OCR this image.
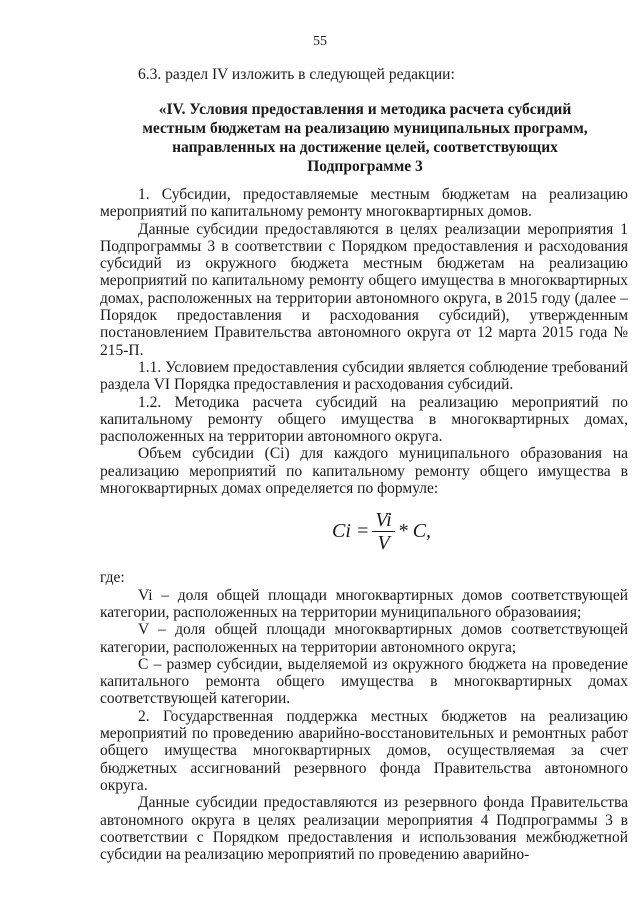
55
6.3. раздел IV изложить в следующей редакции:
«IV. Условия предоставления и методика расчета субсидий
местным бюджетам на реализацию муниципальных программ,
направленных на достижение целей, соответствующих
Подпрограмме 3

1. Субсидии, предоставляемые местным бюджетам на реализацию мероприятий по капитальному ремонту многоквартирных домов.

Данные субсидии предоставляются в целях реализации мероприятия 1 Подпрограммы 3 в соответствии с Порядком предоставления и расходования субсидий из окружного бюджета местным бюджетам на реализацию мероприятий по капитальному ремонту общего имущества в многоквартирных домах, расположенных на территории автономного округа, в 2015 году (далее – Порядок предоставления и расходования субсидий), утвержденным постановлением Правительства автономного округа от 12 марта 2015 года № 215-П.

1.1. Условием предоставления субсидии является соблюдение требований раздела VI Порядка предоставления и расходования субсидий.

1.2. Методика расчета субсидий на реализацию мероприятий по капитальному ремонту общего имущества в многоквартирных домах, расположенных на территории автономного округа.

Объем субсидии (Ci) для каждого муниципального образования на реализацию мероприятий по капитальному ремонту общего имущества в многоквартирных домах определяется по формуле:

$Ci = \frac{Vi}{V} * C$,

где:

Vi – доля общей площади многоквартирных домов соответствующей категории, расположенных на территории муниципального образоваиия;

V – доля общей площади многоквартирных домов соответствующей категории, расположенных на территории автономного округа;

С – размер субсидии, выделяемой из окружного бюджета на проведение капитального ремонта общего имущества в многоквартирных домах соответствующей категории.

2. Государственная поддержка местных бюджетов на реализацию мероприятий по проведению аварийно-восстановительных и ремонтных работ общего имущества многоквартирных домов, осуществляемая за счет бюджетных ассигнований резервного фонда Правительства автономного округа.

Данные субсидии предоставляются из резервного фонда Правительства автономного округа в целях реализации мероприятия 4 Подпрограммы 3 в соответствии с Порядком предоставления и использования межбюджетной субсидии на реализацию мероприятий по проведению аварийно-
